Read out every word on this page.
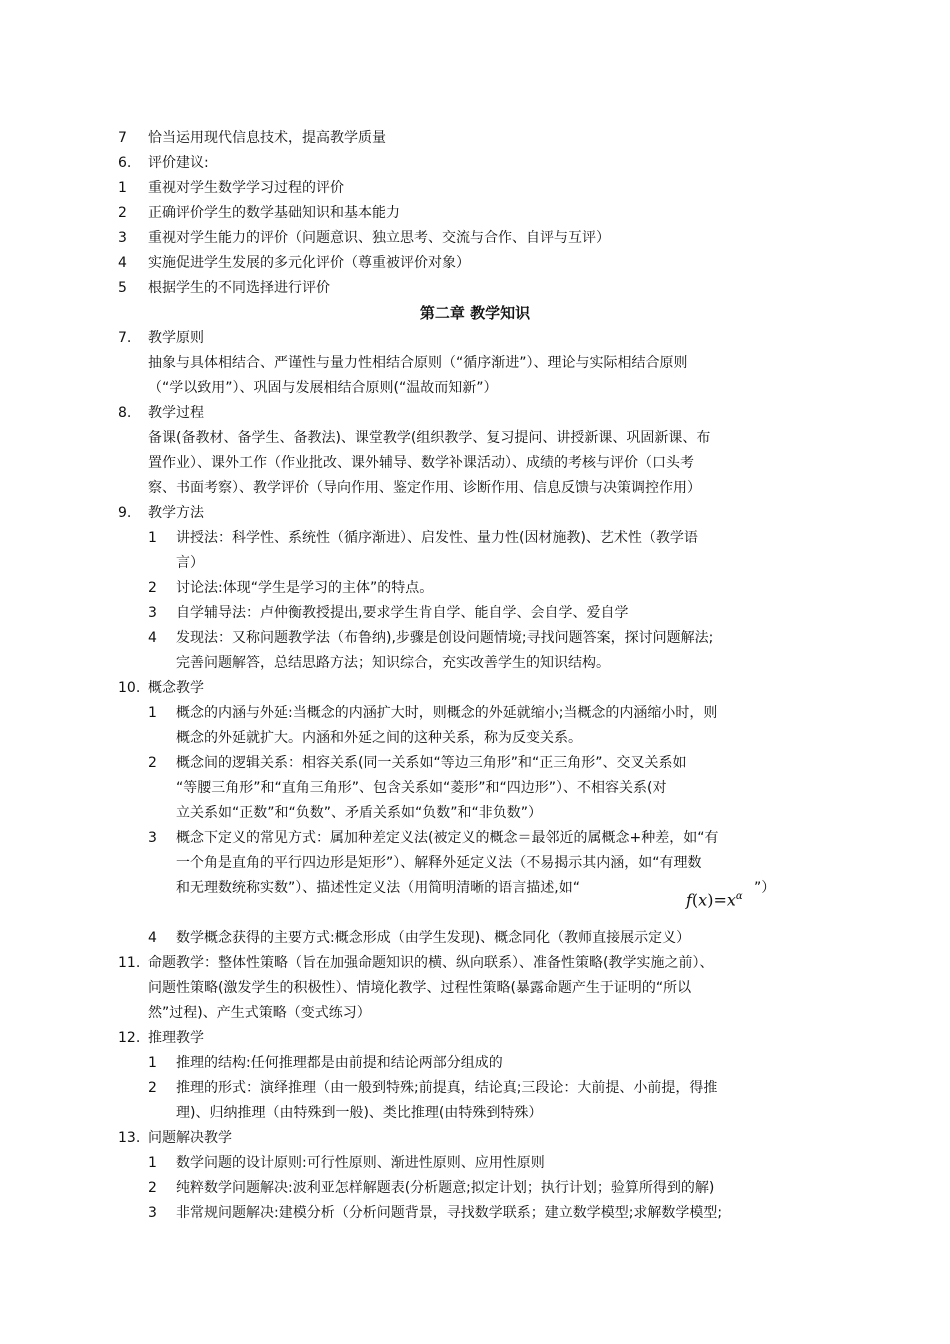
7 恰当运用现代信息技术，提高教学质量
6. 评价建议:
1 重视对学生数学学习过程的评价
2 正确评价学生的数学基础知识和基本能力
3 重视对学生能力的评价（问题意识、独立思考、交流与合作、自评与互评）
4 实施促进学生发展的多元化评价（尊重被评价对象）
5 根据学生的不同选择进行评价
第二章 教学知识
7. 教学原则
抽象与具体相结合、严谨性与量力性相结合原则（“循序渐进”）、理论与实际相结合原则
（“学以致用”）、巩固与发展相结合原则(“温故而知新”）
8. 教学过程
备课(备教材、备学生、备教法)、课堂教学(组织教学、复习提问、讲授新课、巩固新课、布
置作业）、课外工作（作业批改、课外辅导、数学补课活动）、成绩的考核与评价（口头考
察、书面考察）、教学评价（导向作用、鉴定作用、诊断作用、信息反馈与决策调控作用）
9. 教学方法
1 讲授法：科学性、系统性（循序渐进）、启发性、量力性(因材施教)、艺术性（教学语
言）
2 讨论法:体现“学生是学习的主体”的特点。
3 自学辅导法：卢仲衡教授提出,要求学生肯自学、能自学、会自学、爱自学
4 发现法：又称问题教学法（布鲁纳),步骤是创设问题情境;寻找问题答案，探讨问题解法;
完善问题解答，总结思路方法；知识综合，充实改善学生的知识结构。
10. 概念教学
1 概念的内涵与外延:当概念的内涵扩大时，则概念的外延就缩小;当概念的内涵缩小时，则
概念的外延就扩大。内涵和外延之间的这种关系，称为反变关系。
2 概念间的逻辑关系：相容关系(同一关系如“等边三角形”和“正三角形”、交叉关系如
“等腰三角形”和“直角三角形”、包含关系如“菱形”和“四边形”）、不相容关系(对
立关系如“正数”和“负数”、矛盾关系如“负数”和“非负数”）
3 概念下定义的常见方式：属加种差定义法(被定义的概念＝最邻近的属概念+种差，如“有
一个角是直角的平行四边形是矩形”）、解释外延定义法（不易揭示其内涵，如“有理数
和无理数统称实数”）、描述性定义法（用简明清晰的语言描述,如“
$f(x)=x^\alpha$
”）
4 数学概念获得的主要方式:概念形成（由学生发现)、概念同化（教师直接展示定义）
11. 命题教学：整体性策略（旨在加强命题知识的横、纵向联系）、准备性策略(教学实施之前）、
问题性策略(激发学生的积极性）、情境化教学、过程性策略(暴露命题产生于证明的“所以
然”过程)、产生式策略（变式练习）
12. 推理教学
1 推理的结构:任何推理都是由前提和结论两部分组成的
2 推理的形式：演绎推理（由一般到特殊;前提真，结论真;三段论：大前提、小前提，得推
理)、归纳推理（由特殊到一般)、类比推理(由特殊到特殊）
13. 问题解决教学
1 数学问题的设计原则:可行性原则、渐进性原则、应用性原则
2 纯粹数学问题解决:波利亚怎样解题表(分析题意;拟定计划；执行计划；验算所得到的解)
3 非常规问题解决:建模分析（分析问题背景，寻找数学联系；建立数学模型;求解数学模型;
